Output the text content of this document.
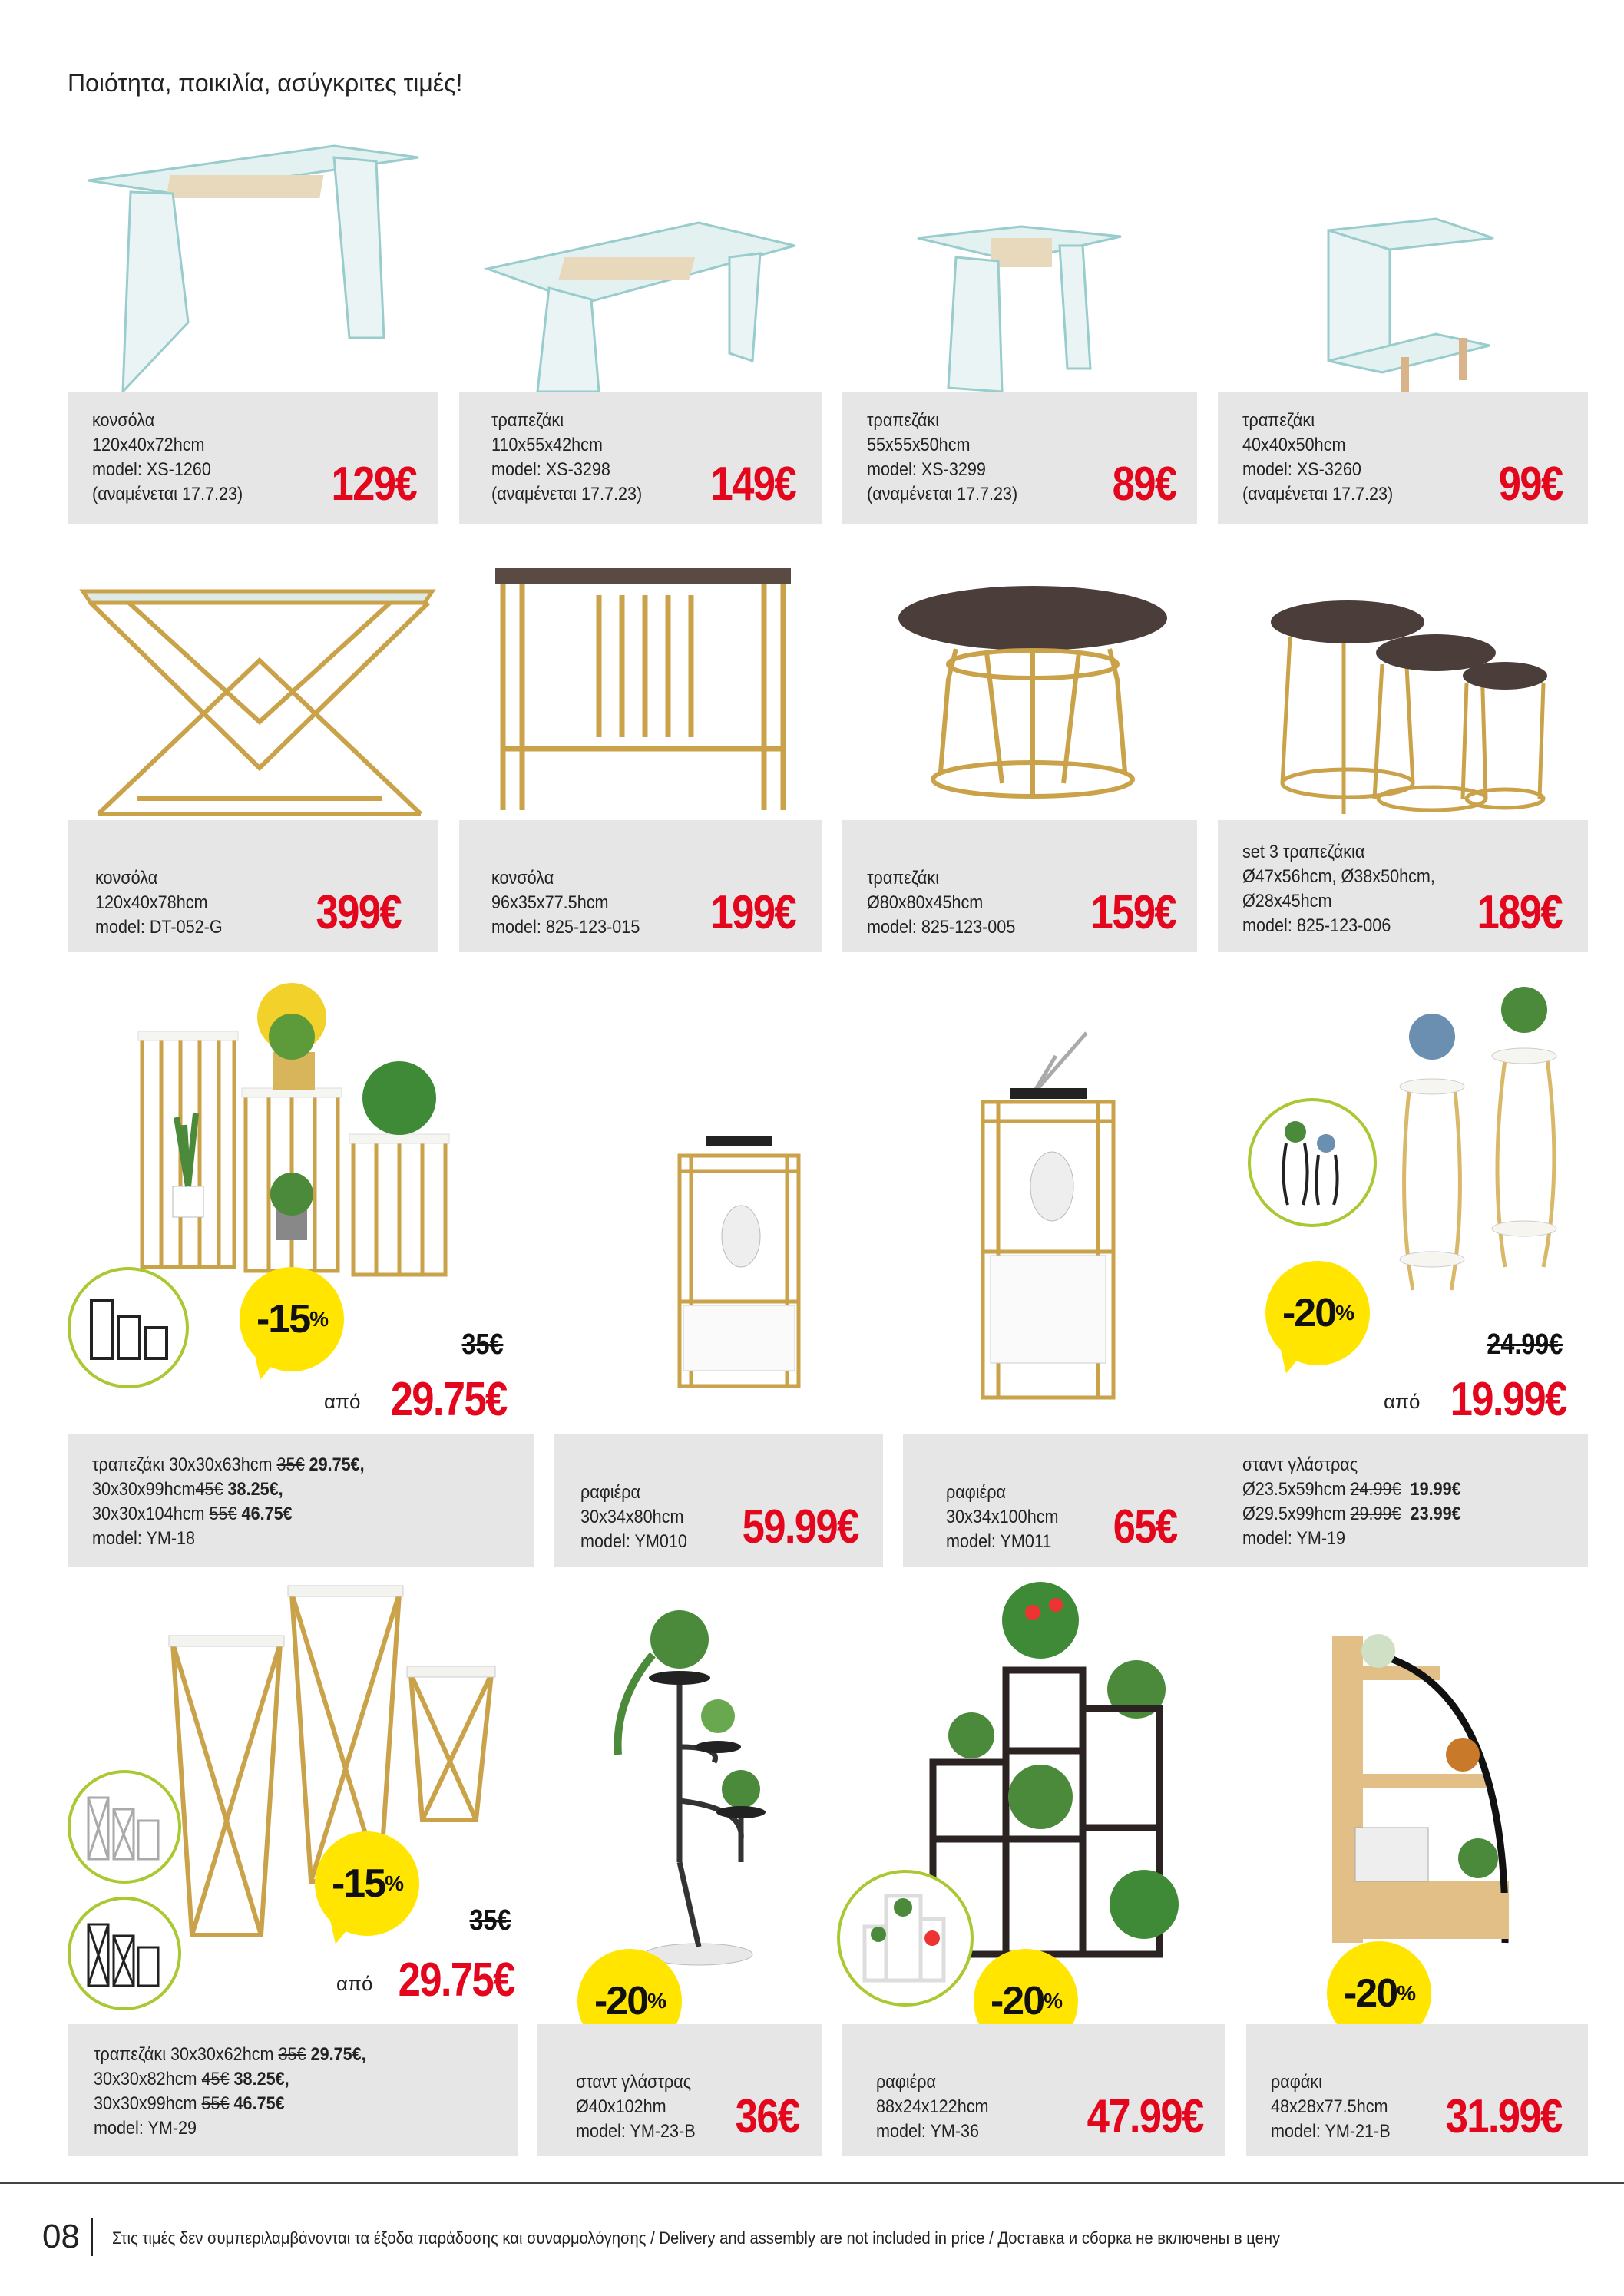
Ποιότητα, ποικιλία, ασύγκριτες τιμές!
κονσόλα
120x40x72hcm
model: XS-1260
(αναμένεται 17.7.23) 129€
τραπεζάκι
110x55x42hcm
model: XS-3298
(αναμένεται 17.7.23) 149€
τραπεζάκι
55x55x50hcm
model: XS-3299
(αναμένεται 17.7.23) 89€
τραπεζάκι
40x40x50hcm
model: XS-3260
(αναμένεται 17.7.23) 99€
κονσόλα
120x40x78hcm
model: DT-052-G 399€
κονσόλα
96x35x77.5hcm
model: 825-123-015 199€
τραπεζάκι
Ø80x80x45hcm
model: 825-123-005 159€
set 3 τραπεζάκια
Ø47x56hcm, Ø38x50hcm,
Ø28x45hcm
model: 825-123-006	189€
-15 %
35€
από 29.75€
-20 %
24.99€
από 19.99€
τραπεζάκι 30x30x63hcm 35€ 29.75€,
30x30x99hcm45€ 38.25€,
30x30x104hcm 55€ 46.75€
model: YM-18
ραφιέρα
30x34x80hcm
model: YM010 59.99€
ραφιέρα
30x34x100hcm
model: YM011 65€
σταντ γλάστρας
Ø23.5x59hcm 24.99€ 19.99€
Ø29.5x99hcm 29.99€ 23.99€
model: YM-19
-15 %
35€
από 29.75€ -20 %	-20 %	-20 %
τραπεζάκι 30x30x62hcm 35€ 29.75€,
30x30x82hcm 45€ 38.25€,
30x30x99hcm 55€ 46.75€
model: YM-29
σταντ γλάστρας
Ø40x102hm
model: YM-23-B 36€
ραφιέρα
88x24x122hcm
model: YM-36 47.99€
ραφάκι
48x28x77.5hcm
model: YM-21-B 31.99€
08 Στις τιμές δεν συμπεριλαμβάνονται τα έξοδα παράδοσης και συναρμολόγησης / Delivery and assembly are not included in price / Доставка и сборка не включены в цену
